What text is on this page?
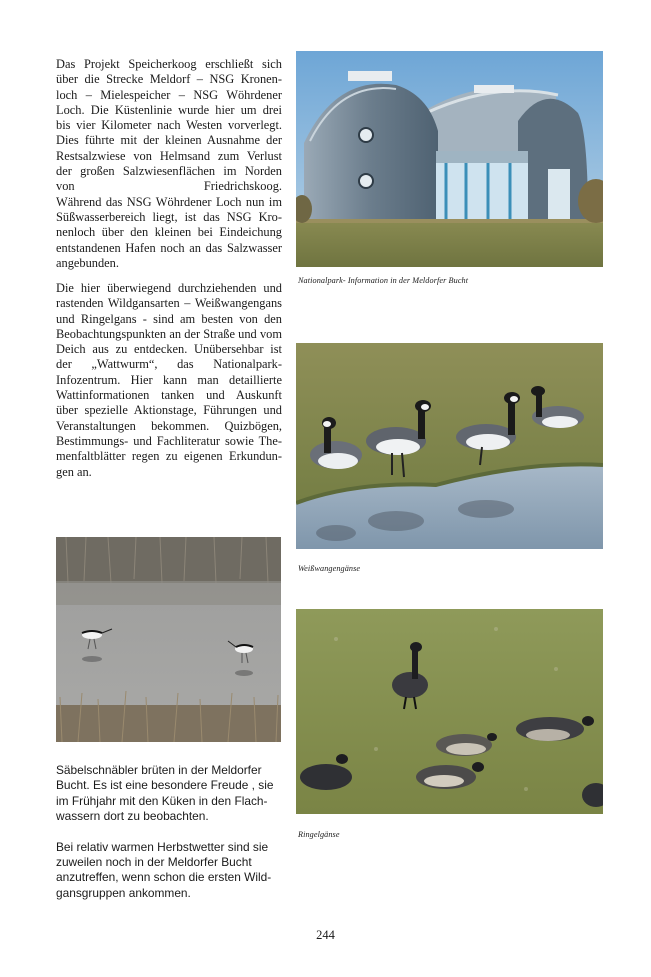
Das Projekt Speicherkoog erschließt sich
über die Strecke Meldorf – NSG Kronen-
loch – Mielespeicher – NSG Wöhrdener
Loch. Die Küstenlinie wurde hier um drei
bis vier Kilometer nach Westen vorverlegt.
Dies führte mit der kleinen Ausnahme der
Restsalzwiese von Helmsand zum Verlust
der großen Salzwiesenflächen im Norden
von Friedrichskoog.
Während das NSG Wöhrdener Loch nun im
Süßwasserbereich liegt, ist das NSG Kro-
nenloch über den kleinen bei Eindeichung
entstandenen Hafen noch an das Salzwasser
angebunden.
Die hier überwiegend durchziehenden und
rastenden Wildgansarten – Weißwangengans
und Ringelgans - sind am besten von den
Beobachtungspunkten an der Straße und vom
Deich aus zu entdecken. Unübersehbar ist
der „Wattwurm“, das Nationalpark-
Infozentrum. Hier kann man detaillierte
Wattinformationen tanken und Auskunft
über spezielle Aktionstage, Führungen und
Veranstaltungen bekommen. Quizbögen,
Bestimmungs- und Fachliteratur sowie The-
menfaltblätter regen zu eigenen Erkundun-
gen an.
Nationalpark- Information in der Meldorfer Bucht
Weißwangengänse
Säbelschnäbler brüten in der Meldorfer
Bucht. Es ist eine besondere Freude , sie
im Frühjahr mit den Küken in den Flach-
wassern dort zu beobachten.
Bei relativ warmen Herbstwetter sind sie
zuweilen noch in der Meldorfer Bucht
anzutreffen, wenn schon die ersten Wild-
gansgruppen ankommen.
Ringelgänse
244
